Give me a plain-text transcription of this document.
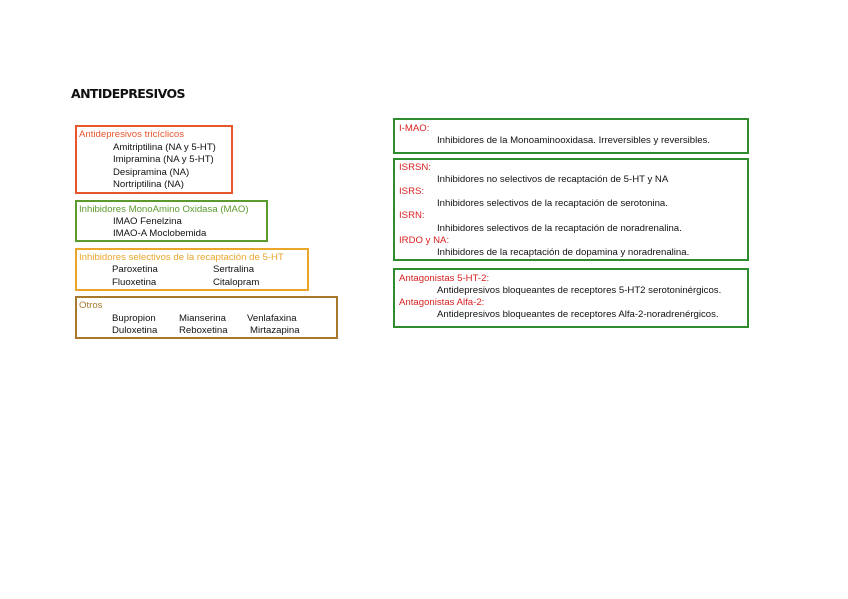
ANTIDEPRESIVOS
Antidepresivos tricíclicos
Amitriptilina (NA y 5-HT)
Imipramina (NA y 5-HT)
Desipramina (NA)
Nortriptilina (NA)
Inhibidores MonoAmino Oxidasa (MAO)
IMAO Fenelzina
IMAO-A Moclobemida
Inhibidores selectivos de la recaptación de 5-HT
Paroxetina	Sertralina
Fluoxetina	Citalopram
Otros
Bupropion Mianserina Venlafaxina
Duloxetina Reboxetina Mirtazapina
I-MAO:
Inhibidores de la Monoaminooxidasa. Irreversibles y reversibles.
ISRSN:
Inhibidores no selectivos de recaptación de 5-HT y NA
ISRS:
Inhibidores selectivos de la recaptación de serotonina.
ISRN:
Inhibidores selectivos de la recaptación de noradrenalina.
IRDO y NA:
Inhibidores de la recaptación de dopamina y noradrenalina.
Antagonistas 5-HT-2:
Antidepresivos bloqueantes de receptores 5-HT2 serotoninérgicos.
Antagonistas Alfa-2:
Antidepresivos bloqueantes de receptores Alfa-2-noradrenérgicos.
